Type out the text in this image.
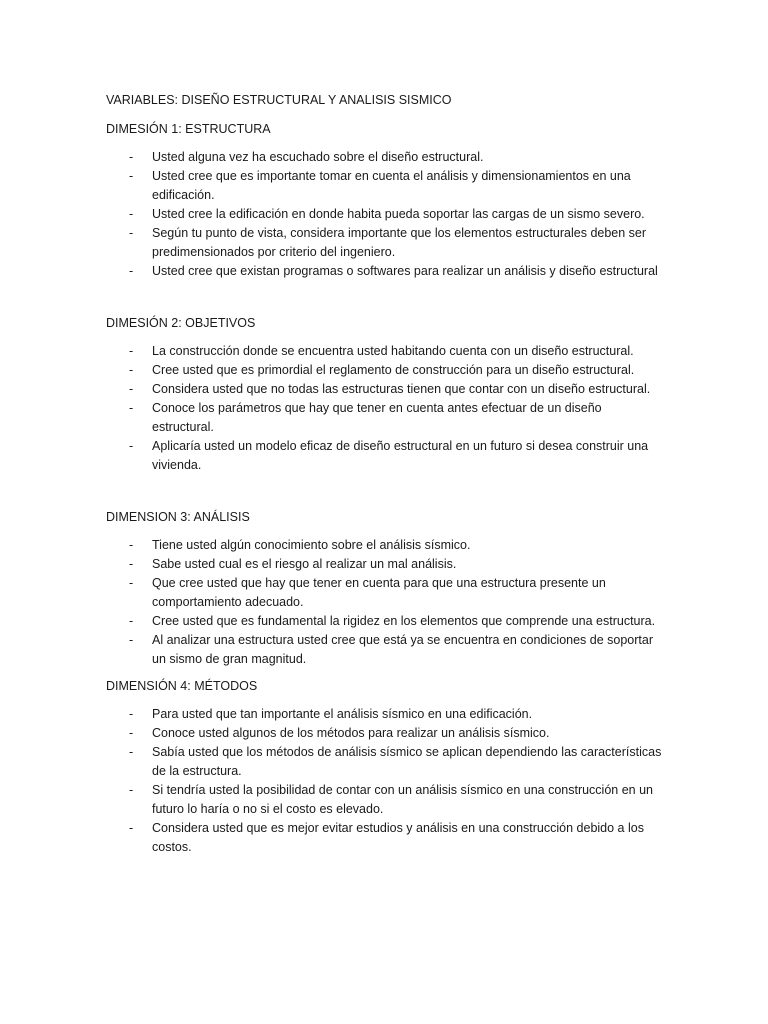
VARIABLES: DISEÑO ESTRUCTURAL Y ANALISIS SISMICO
DIMESIÓN 1: ESTRUCTURA
- Usted alguna vez ha escuchado sobre el diseño estructural.
- Usted cree que es importante tomar en cuenta el análisis y dimensionamientos en una
edificación.
- Usted cree la edificación en donde habita pueda soportar las cargas de un sismo severo.
- Según tu punto de vista, considera importante que los elementos estructurales deben ser
predimensionados por criterio del ingeniero.
- Usted cree que existan programas o softwares para realizar un análisis y diseño estructural
DIMESIÓN 2: OBJETIVOS
- La construcción donde se encuentra usted habitando cuenta con un diseño estructural.
- Cree usted que es primordial el reglamento de construcción para un diseño estructural.
- Considera usted que no todas las estructuras tienen que contar con un diseño estructural.
- Conoce los parámetros que hay que tener en cuenta antes efectuar de un diseño
estructural.
- Aplicaría usted un modelo eficaz de diseño estructural en un futuro si desea construir una
vivienda.
DIMENSION 3: ANÁLISIS
- Tiene usted algún conocimiento sobre el análisis sísmico.
- Sabe usted cual es el riesgo al realizar un mal análisis.
- Que cree usted que hay que tener en cuenta para que una estructura presente un
comportamiento adecuado.
- Cree usted que es fundamental la rigidez en los elementos que comprende una estructura.
- Al analizar una estructura usted cree que está ya se encuentra en condiciones de soportar
un sismo de gran magnitud.
DIMENSIÓN 4: MÉTODOS
- Para usted que tan importante el análisis sísmico en una edificación.
- Conoce usted algunos de los métodos para realizar un análisis sísmico.
- Sabía usted que los métodos de análisis sísmico se aplican dependiendo las características
de la estructura.
- Si tendría usted la posibilidad de contar con un análisis sísmico en una construcción en un
futuro lo haría o no si el costo es elevado.
- Considera usted que es mejor evitar estudios y análisis en una construcción debido a los
costos.
